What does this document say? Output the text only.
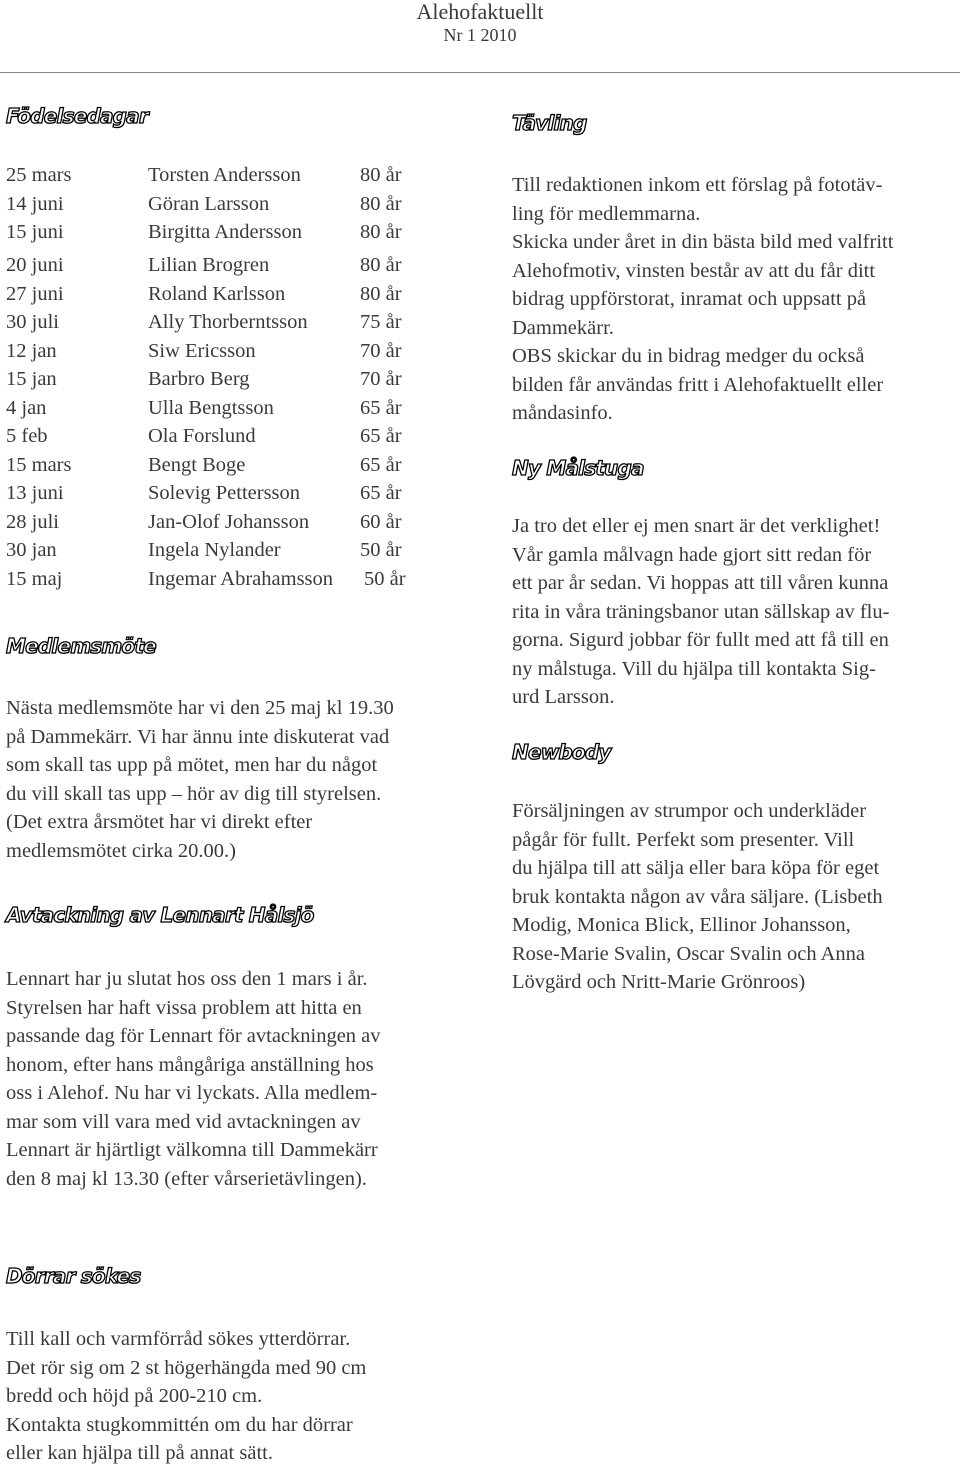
Alehofaktuellt
Nr 1 2010
Födelsedagar
25 mars	Torsten Andersson	80 år
14 juni	Göran Larsson	80 år
15 juni	Birgitta Andersson	80 år
20 juni	Lilian Brogren	80 år
27 juni	Roland Karlsson	80 år
30 juli	Ally Thorberntsson	75 år
12 jan	Siw Ericsson	70 år
15 jan	Barbro Berg	70 år
4 jan	Ulla Bengtsson	65 år
5 feb	Ola Forslund	65 år
15 mars	Bengt Boge	65 år
13 juni	Solevig Pettersson	65 år
28 juli	Jan-Olof Johansson 60 år
30 jan	Ingela Nylander	50 år
15 maj	Ingemar Abrahamsson 50 år
Medlemsmöte
Nästa medlemsmöte har vi den 25 maj kl 19.30
på Dammekärr. Vi har ännu inte diskuterat vad
som skall tas upp på mötet, men har du något
du vill skall tas upp – hör av dig till styrelsen.
(Det extra årsmötet har vi direkt efter
medlemsmötet cirka 20.00.)
Avtackning av Lennart Hålsjö
Lennart har ju slutat hos oss den 1 mars i år.
Styrelsen har haft vissa problem att hitta en
passande dag för Lennart för avtackningen av
honom, efter hans mångåriga anställning hos
oss i Alehof. Nu har vi lyckats. Alla medlem-
mar som vill vara med vid avtackningen av
Lennart är hjärtligt välkomna till Dammekärr
den 8 maj kl 13.30 (efter vårserietävlingen).
Dörrar sökes
Till kall och varmförråd sökes ytterdörrar.
Det rör sig om 2 st högerhängda med 90 cm
bredd och höjd på 200-210 cm.
Kontakta stugkommittén om du har dörrar
eller kan hjälpa till på annat sätt.
Tävling
Till redaktionen inkom ett förslag på fototäv-
ling för medlemmarna.
Skicka under året in din bästa bild med valfritt
Alehofmotiv, vinsten består av att du får ditt
bidrag uppförstorat, inramat och uppsatt på
Dammekärr.
OBS skickar du in bidrag medger du också
bilden får användas fritt i Alehofaktuellt eller
måndasinfo.
Ny Målstuga
Ja tro det eller ej men snart är det verklighet!
Vår gamla målvagn hade gjort sitt redan för
ett par år sedan. Vi hoppas att till våren kunna
rita in våra träningsbanor utan sällskap av flu-
gorna. Sigurd jobbar för fullt med att få till en
ny målstuga. Vill du hjälpa till kontakta Sig-
urd Larsson.
Newbody
Försäljningen av strumpor och underkläder
pågår för fullt. Perfekt som presenter. Vill
du hjälpa till att sälja eller bara köpa för eget
bruk kontakta någon av våra säljare. (Lisbeth
Modig, Monica Blick, Ellinor Johansson,
Rose-Marie Svalin, Oscar Svalin och Anna
Lövgärd och Nritt-Marie Grönroos)
